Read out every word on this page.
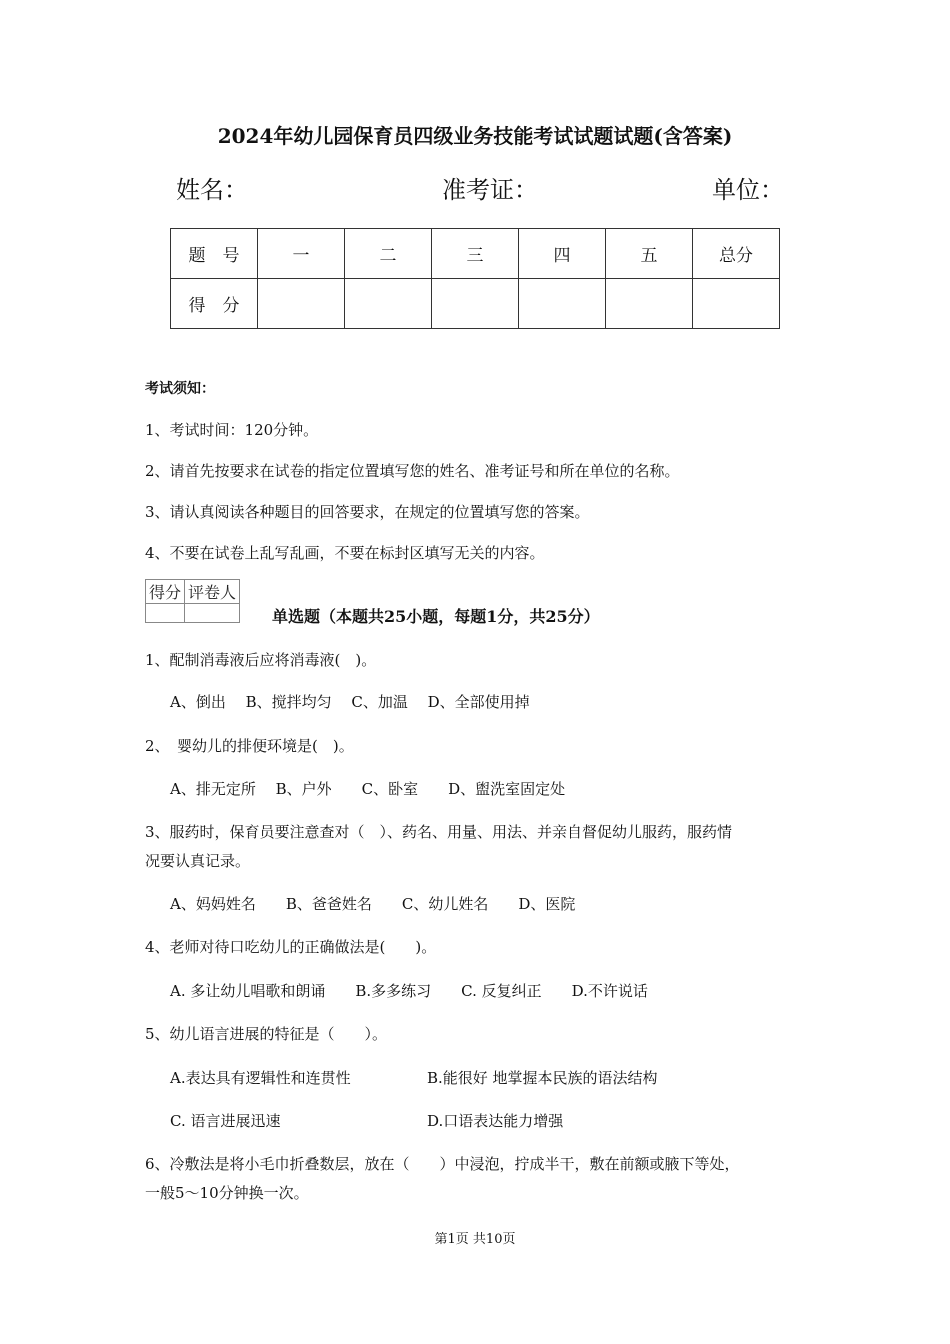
2024年幼儿园保育员四级业务技能考试试题试题(含答案)
姓名：	准考证：	单位：
题　号	一	二	三	四	五	总分
得　分						
考试须知：
1、考试时间：120分钟。
2、请首先按要求在试卷的指定位置填写您的姓名、准考证号和所在单位的名称。
3、请认真阅读各种题目的回答要求，在规定的位置填写您的答案。
4、不要在试卷上乱写乱画，不要在标封区填写无关的内容。
得分	评卷人

单选题（本题共25小题，每题1分，共25分）
1、配制消毒液后应将消毒液(　)。
A、倒出　 B、搅拌均匀　 C、加温　 D、全部使用掉
2、　婴幼儿的排便环境是(　)。
A、排无定所　 B、户外　　C、卧室　　D、盥洗室固定处
3、服药时，保育员要注意查对（　）、药名、用量、用法、并亲自督促幼儿服药，服药情
况要认真记录。
A、妈妈姓名　　B、爸爸姓名　　C、幼儿姓名　　D、医院
4、老师对待口吃幼儿的正确做法是(　　)。
A. 多让幼儿唱歌和朗诵　　B.多多练习　　C. 反复纠正　　D.不许说话
5、幼儿语言进展的特征是（　　）。
A.表达具有逻辑性和连贯性	B.能很好 地掌握本民族的语法结构
C. 语言进展迅速	D.口语表达能力增强
6、冷敷法是将小毛巾折叠数层，放在（　　）中浸泡，拧成半干，敷在前额或腋下等处，
一般5～10分钟换一次。
第1页 共10页
